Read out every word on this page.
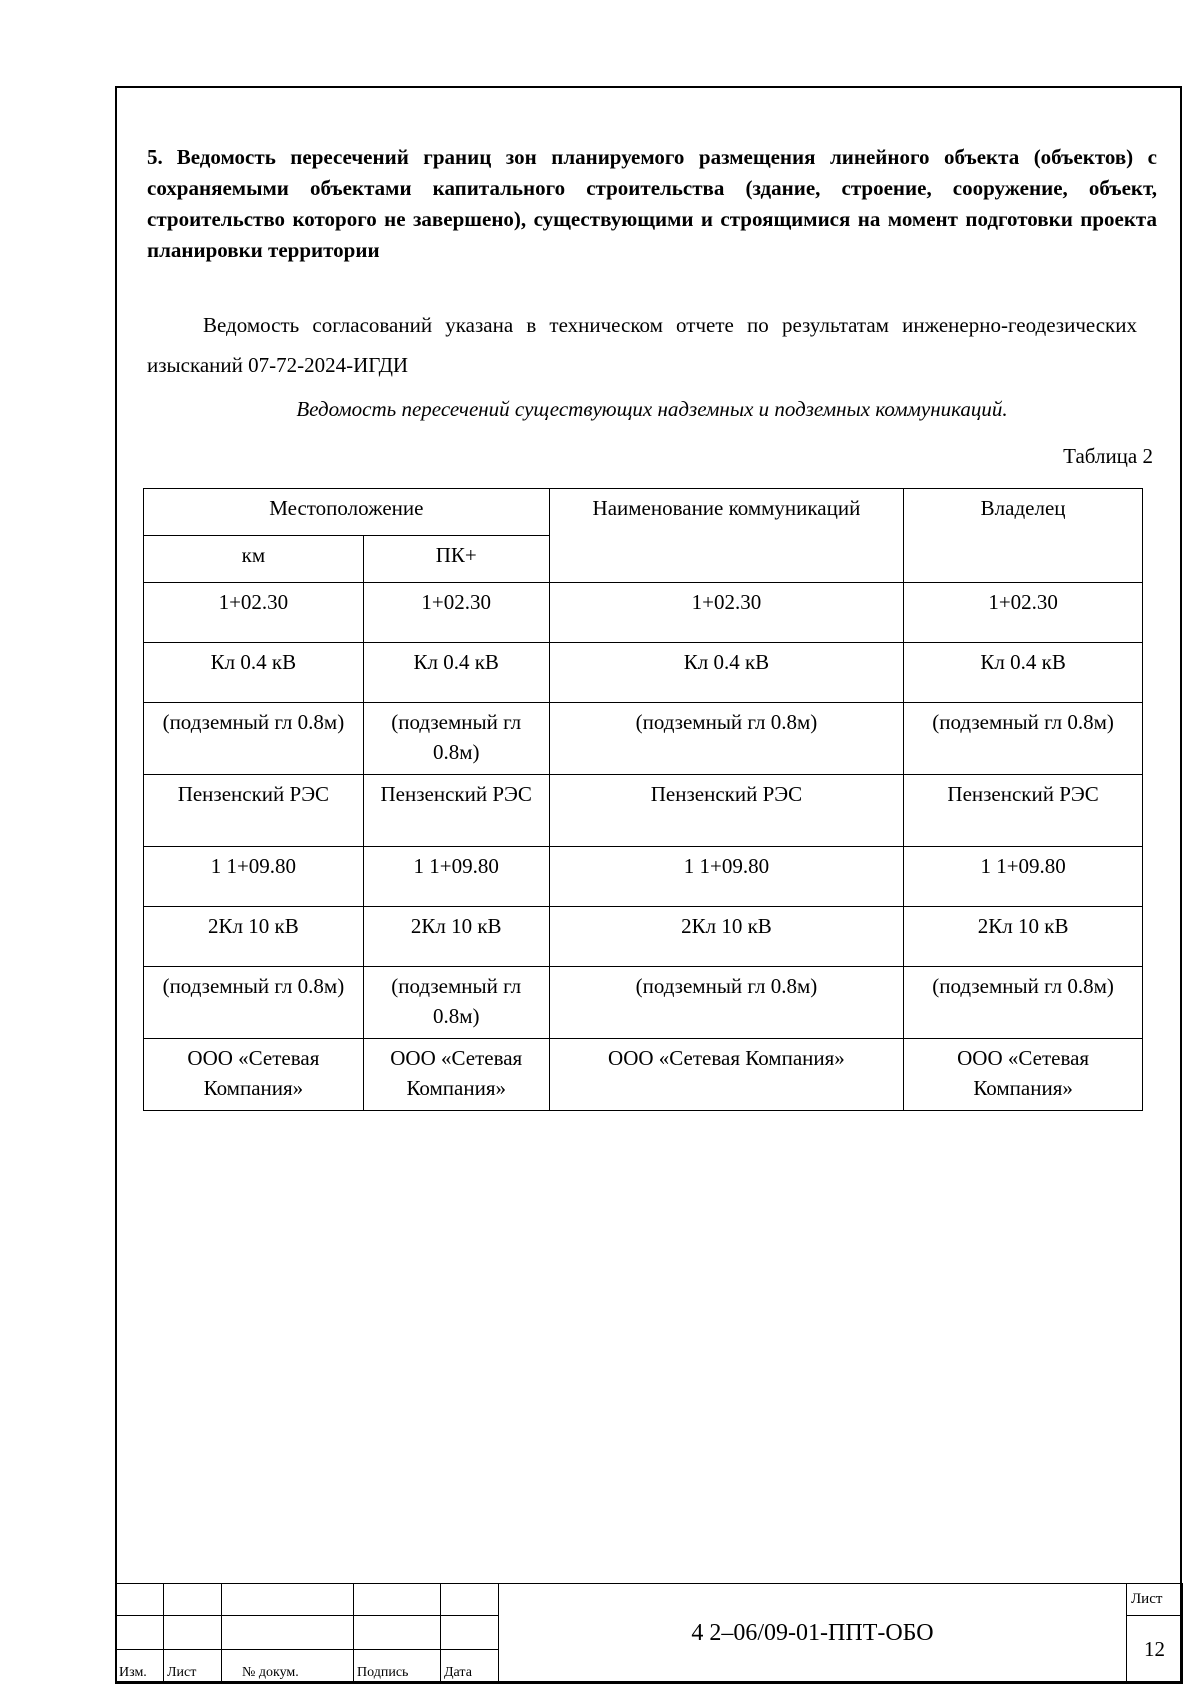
5. Ведомость пересечений границ зон планируемого размещения линейного объекта (объектов) с сохраняемыми объектами капитального строительства (здание, строение, сооружение, объект, строительство которого не завершено), существующими и строящимися на момент подготовки проекта планировки территории

Ведомость согласований указана в техническом отчете по результатам инженерно-геодезических изысканий 07-72-2024-ИГДИ

Ведомость пересечений существующих надземных и подземных коммуникаций.

Таблица 2

Местоположение		Наименование коммуникаций	Владелец
км	ПК+		
1+02.30	1+02.30	1+02.30	1+02.30
Кл 0.4 кВ	Кл 0.4 кВ	Кл 0.4 кВ	Кл 0.4 кВ
(подземный гл 0.8м)	(подземный гл 0.8м)	(подземный гл 0.8м)	(подземный гл 0.8м)
Пензенский РЭС	Пензенский РЭС	Пензенский РЭС	Пензенский РЭС
1 1+09.80	1 1+09.80	1 1+09.80	1 1+09.80
2Кл 10 кВ	2Кл 10 кВ	2Кл 10 кВ	2Кл 10 кВ
(подземный гл 0.8м)	(подземный гл 0.8м)	(подземный гл 0.8м)	(подземный гл 0.8м)
ООО «Сетевая Компания»	ООО «Сетевая Компания»	ООО «Сетевая Компания»	ООО «Сетевая Компания»
					4 2–06/09-01-ППТ-ОБО	Лист
						12
Изм.	Лист	№ докум.	Подпись	Дата		
